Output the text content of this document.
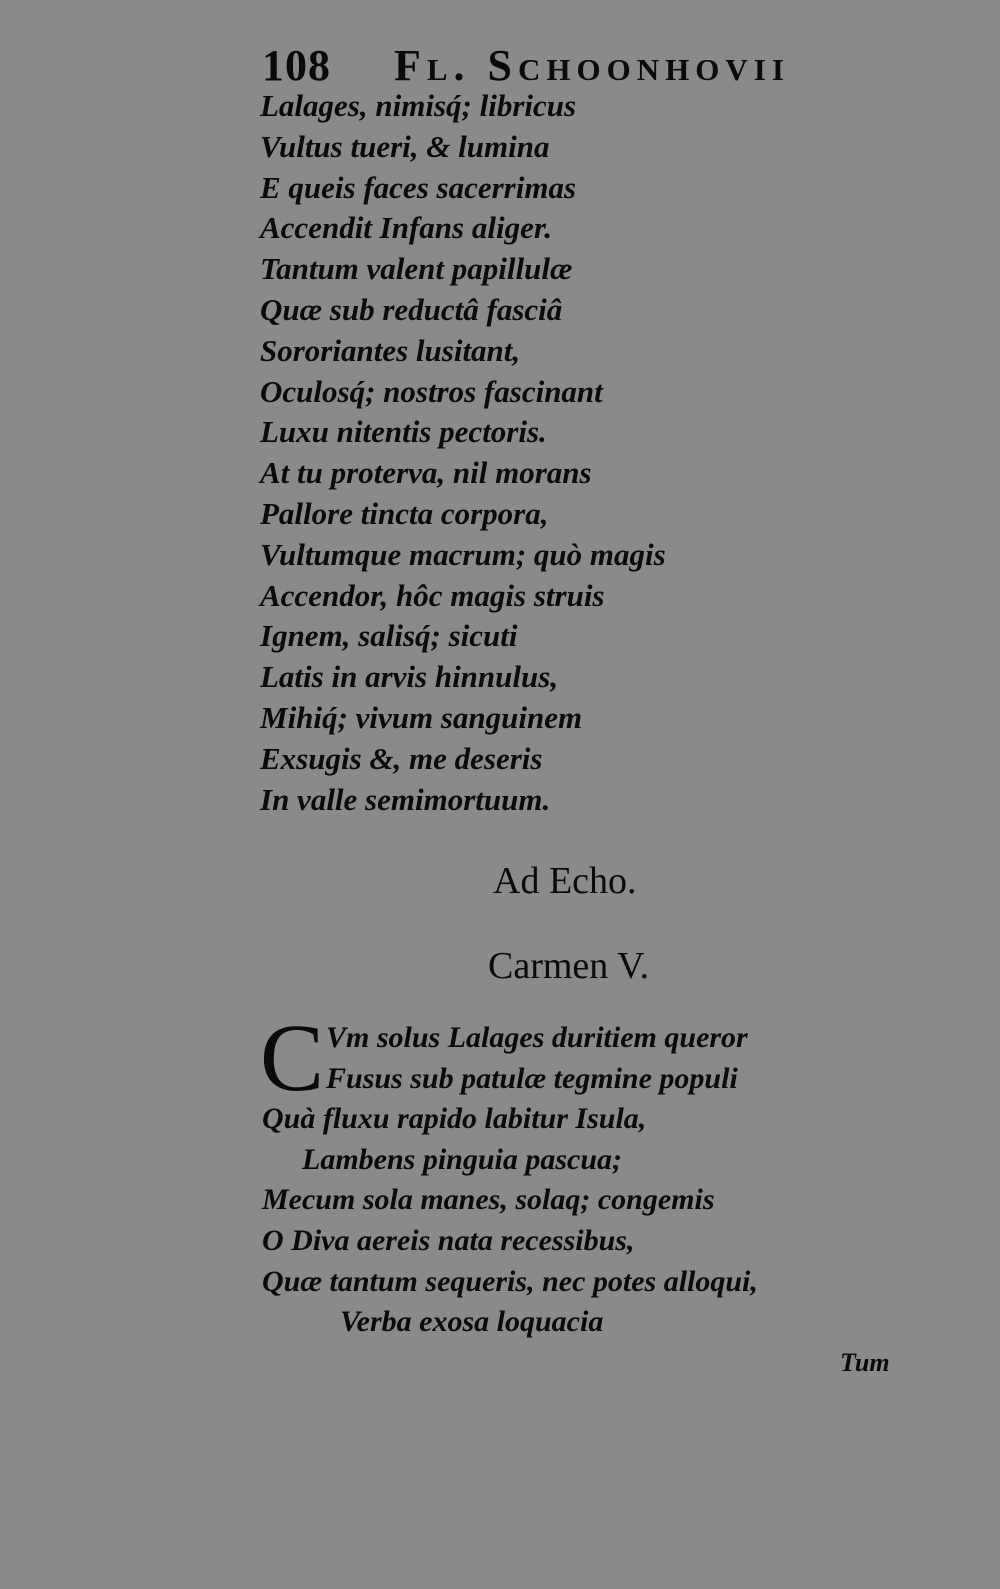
108 Fl. Schoonhovii
Lalages, nimisq́; libricus
Vultus tueri, & lumina
E queis faces sacerrimas
Accendit Infans aliger.
Tantum valent papillulæ
Quæ sub reductâ fasciâ
Sororiantes lusitant,
Oculosq́; nostros fascinant
Luxu nitentis pectoris.
At tu proterva, nil morans
Pallore tincta corpora,
Vultumque macrum; quò magis
Accendor, hôc magis struis
Ignem, salisq́; sicuti
Latis in arvis hinnulus,
Mihiq́; vivum sanguinem
Exsugis &, me deseris
In valle semimortuum.
Ad Echo.
Carmen V.
C Vm solus Lalages duritiem queror
Fusus sub patulæ tegmine populi
Quà fluxu rapido labitur Isula,
Lambens pinguia pascua;
Mecum sola manes, solaq; congemis
O Diva aereis nata recessibus,
Quæ tantum sequeris, nec potes alloqui,
Verba exosa loquacia
Tum
